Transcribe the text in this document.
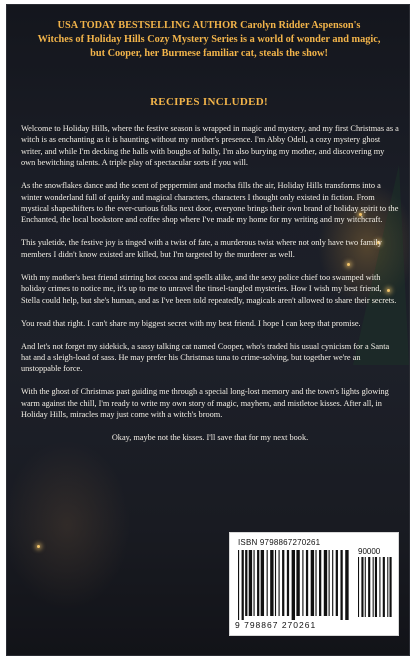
USA TODAY BESTSELLING AUTHOR Carolyn Ridder Aspenson's
Witches of Holiday Hills Cozy Mystery Series is a world of wonder and magic,
but Cooper, her Burmese familiar cat, steals the show!
RECIPES INCLUDED!

Welcome to Holiday Hills, where the festive season is wrapped in magic and mystery, and my first Christmas as a witch is as enchanting as it is haunting without my mother's presence. I'm Abby Odell, a cozy mystery ghost writer, and while I'm decking the halls with boughs of holly, I'm also burying my mother, and discovering my own bewitching talents. A triple play of spectacular sorts if you will.

As the snowflakes dance and the scent of peppermint and mocha fills the air, Holiday Hills transforms into a winter wonderland full of quirky and magical characters, characters I thought only existed in fiction. From mystical shapeshifters to the ever-curious folks next door, everyone brings their own brand of holiday spirit to the Enchanted, the local bookstore and coffee shop where I've made my home for my writing and my witchcraft.

This yuletide, the festive joy is tinged with a twist of fate, a murderous twist where not only have two family members I didn't know existed are killed, but I'm targeted by the murderer as well.

With my mother's best friend stirring hot cocoa and spells alike, and the sexy police chief too swamped with holiday crimes to notice me, it's up to me to unravel the tinsel-tangled mysteries. How I wish my best friend, Stella could help, but she's human, and as I've been told repeatedly, magicals aren't allowed to share their secrets.

You read that right. I can't share my biggest secret with my best friend. I hope I can keep that promise.

And let's not forget my sidekick, a sassy talking cat named Cooper, who's traded his usual cynicism for a Santa hat and a sleigh-load of sass. He may prefer his Christmas tuna to crime-solving, but together we're an unstoppable force.

With the ghost of Christmas past guiding me through a special long-lost memory and the town's lights glowing warm against the chill, I'm ready to write my own story of magic, mayhem, and mistletoe kisses. After all, in Holiday Hills, miracles may just come with a witch's broom.

Okay, maybe not the kisses. I'll save that for my next book.

ISBN 9798867270261
90000
9 798867 270261
